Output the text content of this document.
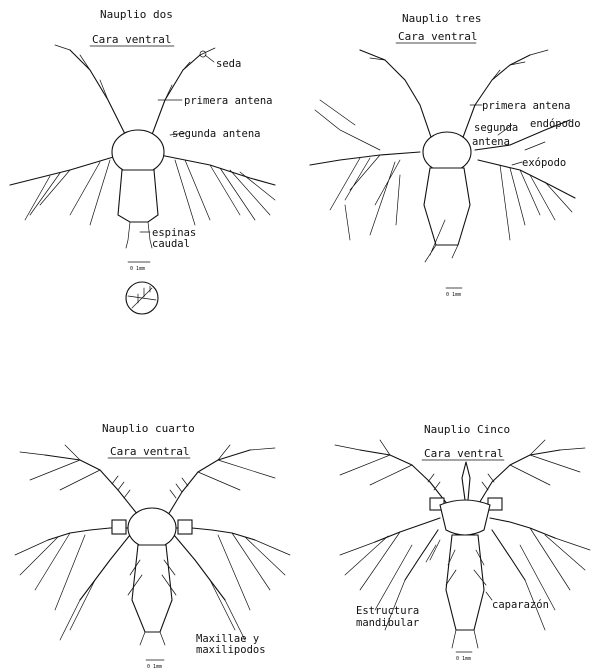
Nauplio dos
Cara ventral
seda
primera antena
segunda antena
espinas
caudal
0 1mm
Nauplio tres
Cara ventral
primera antena
segunda
antena
endópodo
exópodo
0 1mm
Nauplio cuarto
Cara ventral
Maxillae y
maxilipodos
0 1mm
Nauplio Cinco
Cara ventral
Estructura
mandibular
caparazón
0 1mm
